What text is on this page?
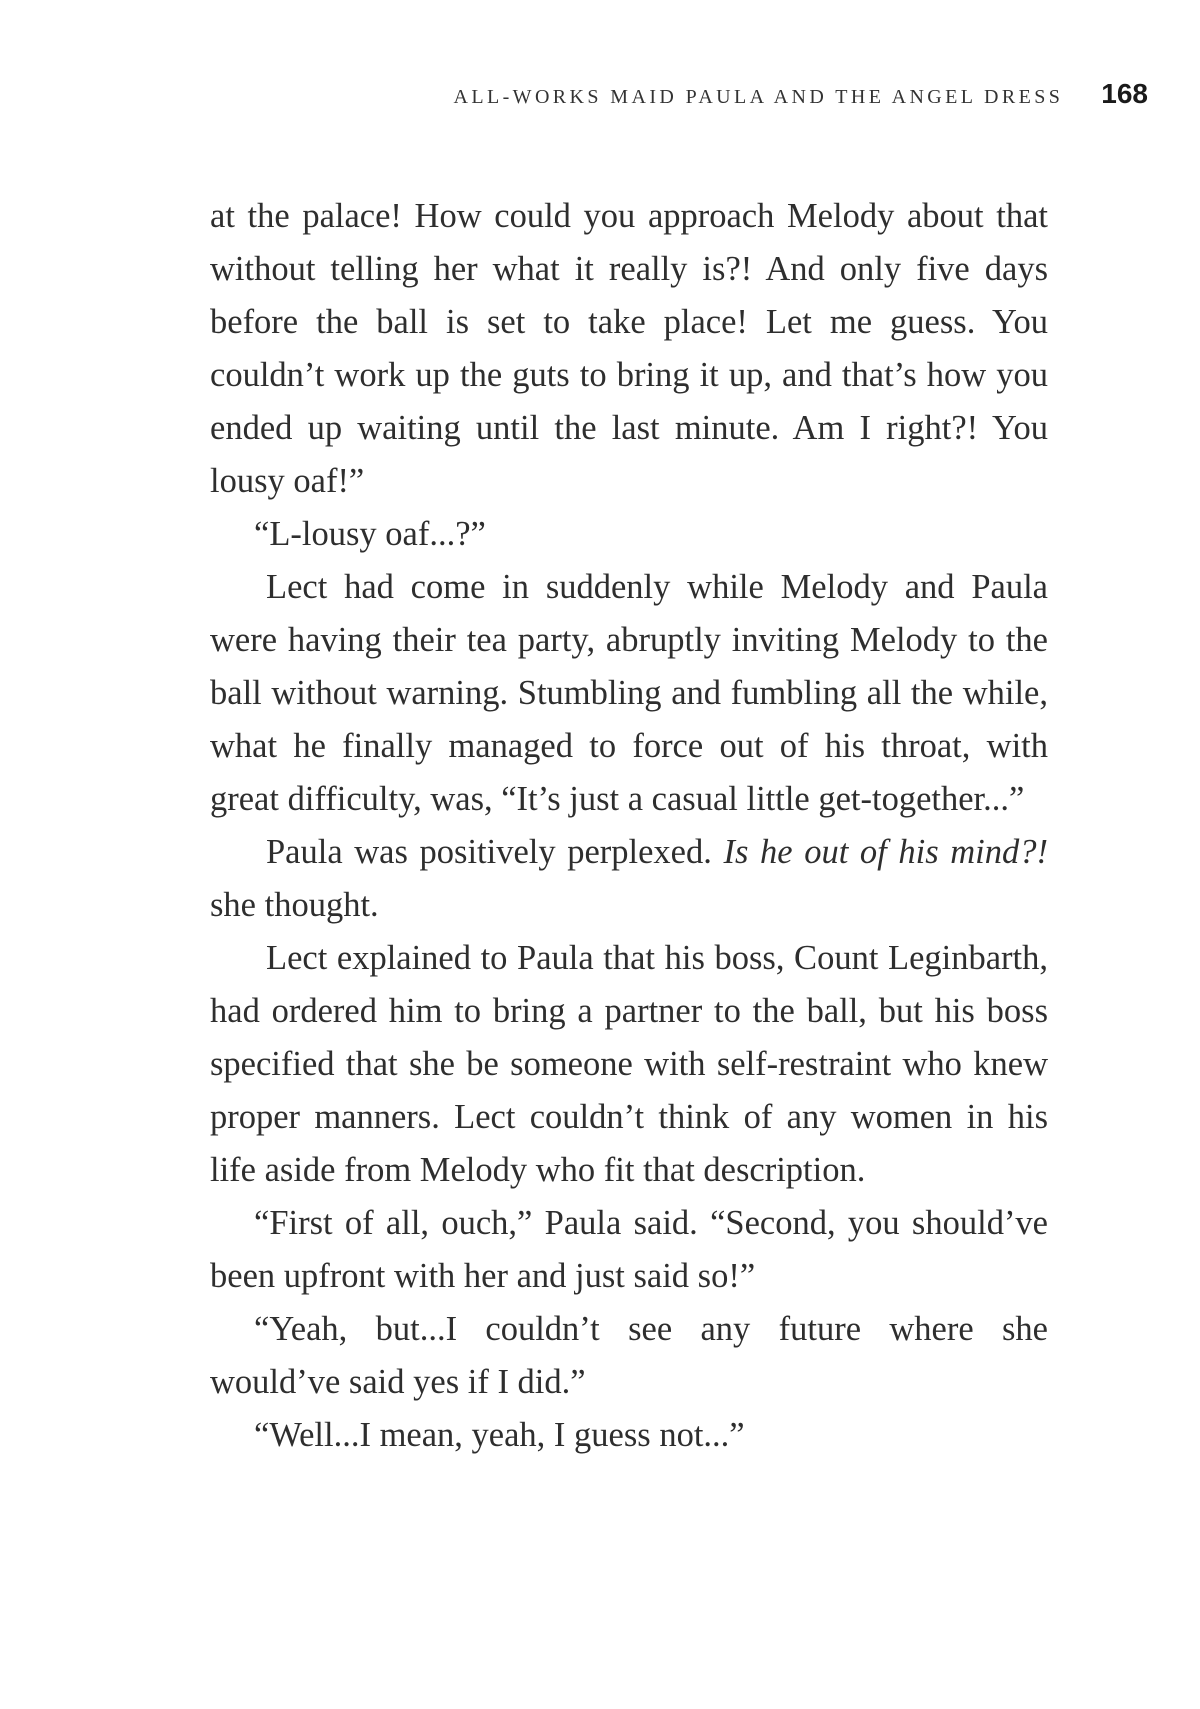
ALL-WORKS MAID PAULA AND THE ANGEL DRESS 168

at the palace! How could you approach Melody about that without telling her what it really is?! And only five days before the ball is set to take place! Let me guess. You couldn’t work up the guts to bring it up, and that’s how you ended up waiting until the last minute. Am I right?! You lousy oaf!”

“L-lousy oaf...?”

Lect had come in suddenly while Melody and Paula were having their tea party, abruptly inviting Melody to the ball without warning. Stumbling and fumbling all the while, what he finally managed to force out of his throat, with great difficulty, was, “It’s just a casual little get-together...”

Paula was positively perplexed. Is he out of his mind?! she thought.

Lect explained to Paula that his boss, Count Leginbarth, had ordered him to bring a partner to the ball, but his boss specified that she be someone with self-restraint who knew proper manners. Lect couldn’t think of any women in his life aside from Melody who fit that description.

“First of all, ouch,” Paula said. “Second, you should’ve been upfront with her and just said so!”

“Yeah, but...I couldn’t see any future where she would’ve said yes if I did.”

“Well...I mean, yeah, I guess not...”
